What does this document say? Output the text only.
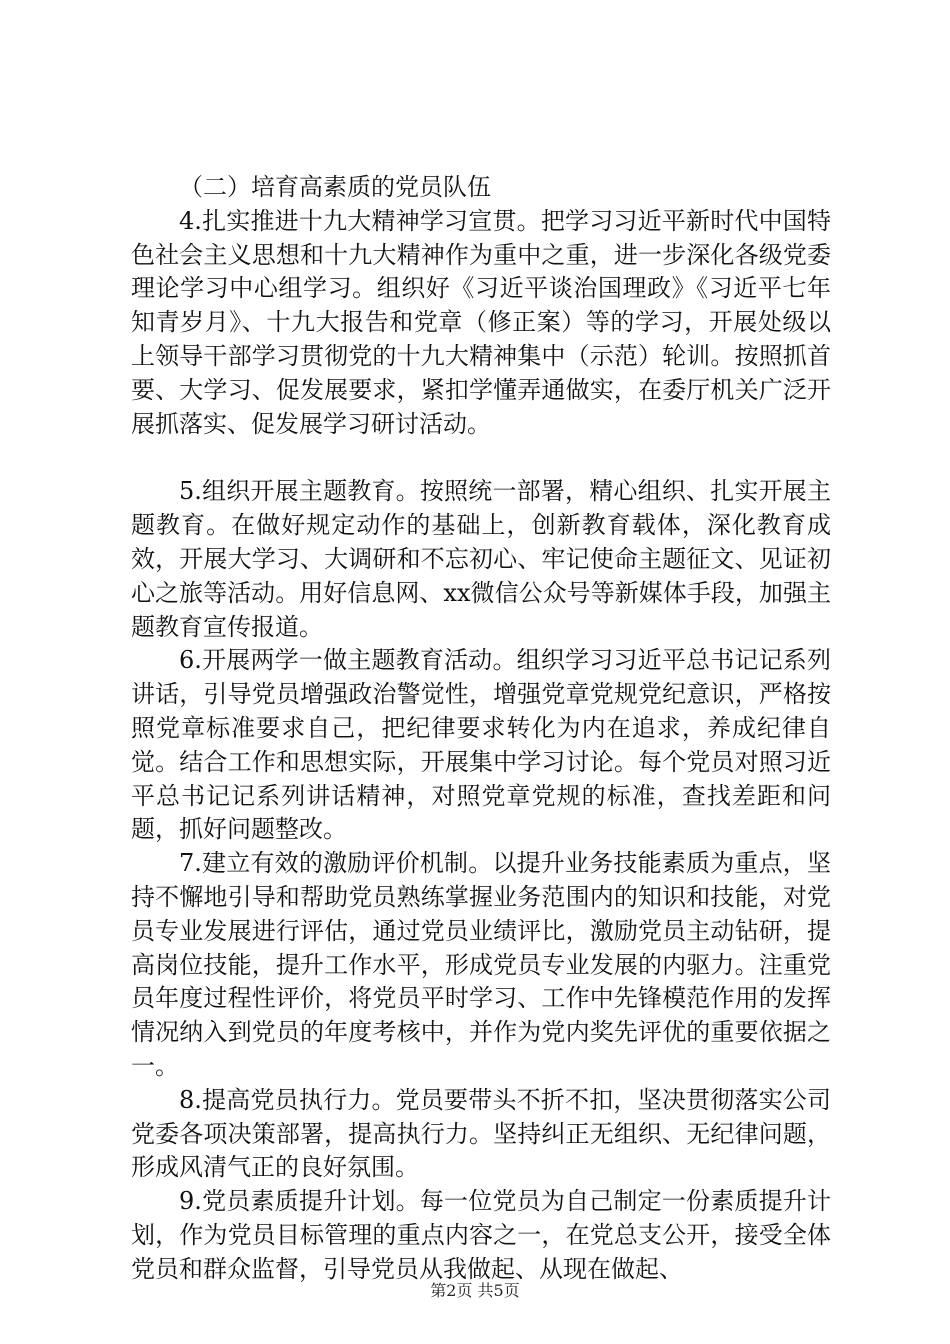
（二）培育高素质的党员队伍

4.扎实推进十九大精神学习宣贯。把学习习近平新时代中国特色社会主义思想和十九大精神作为重中之重，进一步深化各级党委理论学习中心组学习。组织好《习近平谈治国理政》《习近平七年知青岁月》、十九大报告和党章（修正案）等的学习，开展处级以上领导干部学习贯彻党的十九大精神集中（示范）轮训。按照抓首要、大学习、促发展要求，紧扣学懂弄通做实，在委厅机关广泛开展抓落实、促发展学习研讨活动。

5.组织开展主题教育。按照统一部署，精心组织、扎实开展主题教育。在做好规定动作的基础上，创新教育载体，深化教育成效，开展大学习、大调研和不忘初心、牢记使命主题征文、见证初心之旅等活动。用好信息网、xx微信公众号等新媒体手段，加强主题教育宣传报道。

6.开展两学一做主题教育活动。组织学习习近平总书记记系列讲话，引导党员增强政治警觉性，增强党章党规党纪意识，严格按照党章标准要求自己，把纪律要求转化为内在追求，养成纪律自觉。结合工作和思想实际，开展集中学习讨论。每个党员对照习近平总书记记系列讲话精神，对照党章党规的标准，查找差距和问题，抓好问题整改。

7.建立有效的激励评价机制。以提升业务技能素质为重点，坚持不懈地引导和帮助党员熟练掌握业务范围内的知识和技能，对党员专业发展进行评估，通过党员业绩评比，激励党员主动钻研，提高岗位技能，提升工作水平，形成党员专业发展的内驱力。注重党员年度过程性评价，将党员平时学习、工作中先锋模范作用的发挥情况纳入到党员的年度考核中，并作为党内奖先评优的重要依据之一。

8.提高党员执行力。党员要带头不折不扣，坚决贯彻落实公司党委各项决策部署，提高执行力。坚持纠正无组织、无纪律问题，形成风清气正的良好氛围。

9.党员素质提升计划。每一位党员为自己制定一份素质提升计划，作为党员目标管理的重点内容之一，在党总支公开，接受全体党员和群众监督，引导党员从我做起、从现在做起、

第2页 共5页
